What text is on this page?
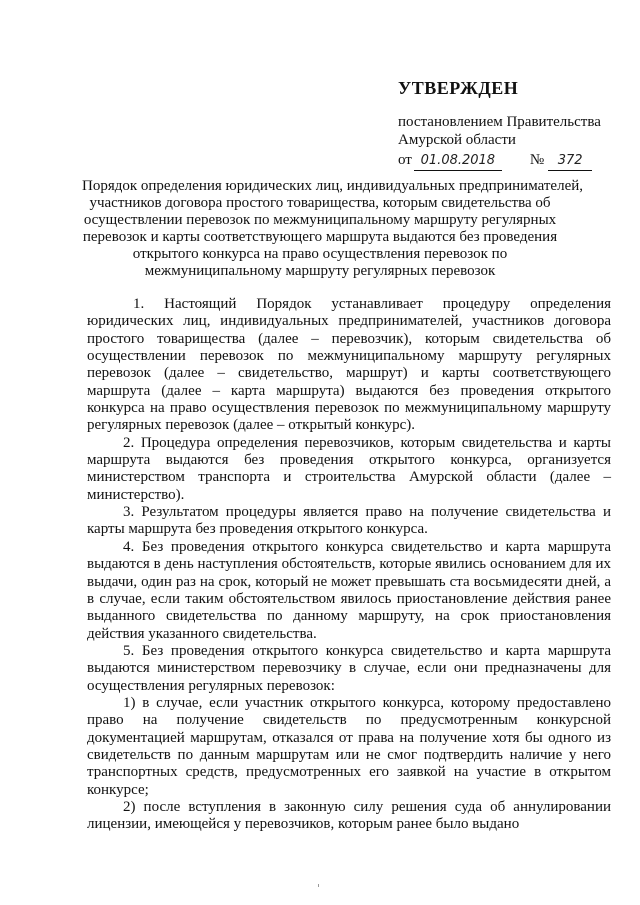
УТВЕРЖДЕН
постановлением Правительства
Амурской области
от 01.08.2018	№	372
Порядок определения юридических лиц, индивидуальных предпринимателей,
участников договора простого товарищества, которым свидетельства об
осуществлении перевозок по межмуниципальному маршруту регулярных
перевозок и карты соответствующего маршрута выдаются без проведения
открытого конкурса на право осуществления перевозок по
межмуниципальному маршруту регулярных перевозок

1. Настоящий Порядок устанавливает процедуру определения юридических лиц, индивидуальных предпринимателей, участников договора простого товарищества (далее – перевозчик), которым свидетельства об осуществлении перевозок по межмуниципальному маршруту регулярных перевозок (далее – свидетельство, маршрут) и карты соответствующего маршрута (далее – карта маршрута) выдаются без проведения открытого конкурса на право осуществления перевозок по межмуниципальному маршруту регулярных перевозок (далее – открытый конкурс).

2. Процедура определения перевозчиков, которым свидетельства и карты маршрута выдаются без проведения открытого конкурса, организуется министерством транспорта и строительства Амурской области (далее – министерство).

3. Результатом процедуры является право на получение свидетельства и карты маршрута без проведения открытого конкурса.

4. Без проведения открытого конкурса свидетельство и карта маршрута выдаются в день наступления обстоятельств, которые явились основанием для их выдачи, один раз на срок, который не может превышать ста восьмидесяти дней, а в случае, если таким обстоятельством явилось приостановление действия ранее выданного свидетельства по данному маршруту, на срок приостановления действия указанного свидетельства.

5. Без проведения открытого конкурса свидетельство и карта маршрута выдаются министерством перевозчику в случае, если они предназначены для осуществления регулярных перевозок:

1) в случае, если участник открытого конкурса, которому предоставлено право на получение свидетельств по предусмотренным конкурсной документацией маршрутам, отказался от права на получение хотя бы одного из свидетельств по данным маршрутам или не смог подтвердить наличие у него транспортных средств, предусмотренных его заявкой на участие в открытом конкурсе;

2) после вступления в законную силу решения суда об аннулировании лицензии, имеющейся у перевозчиков, которым ранее было выдано
